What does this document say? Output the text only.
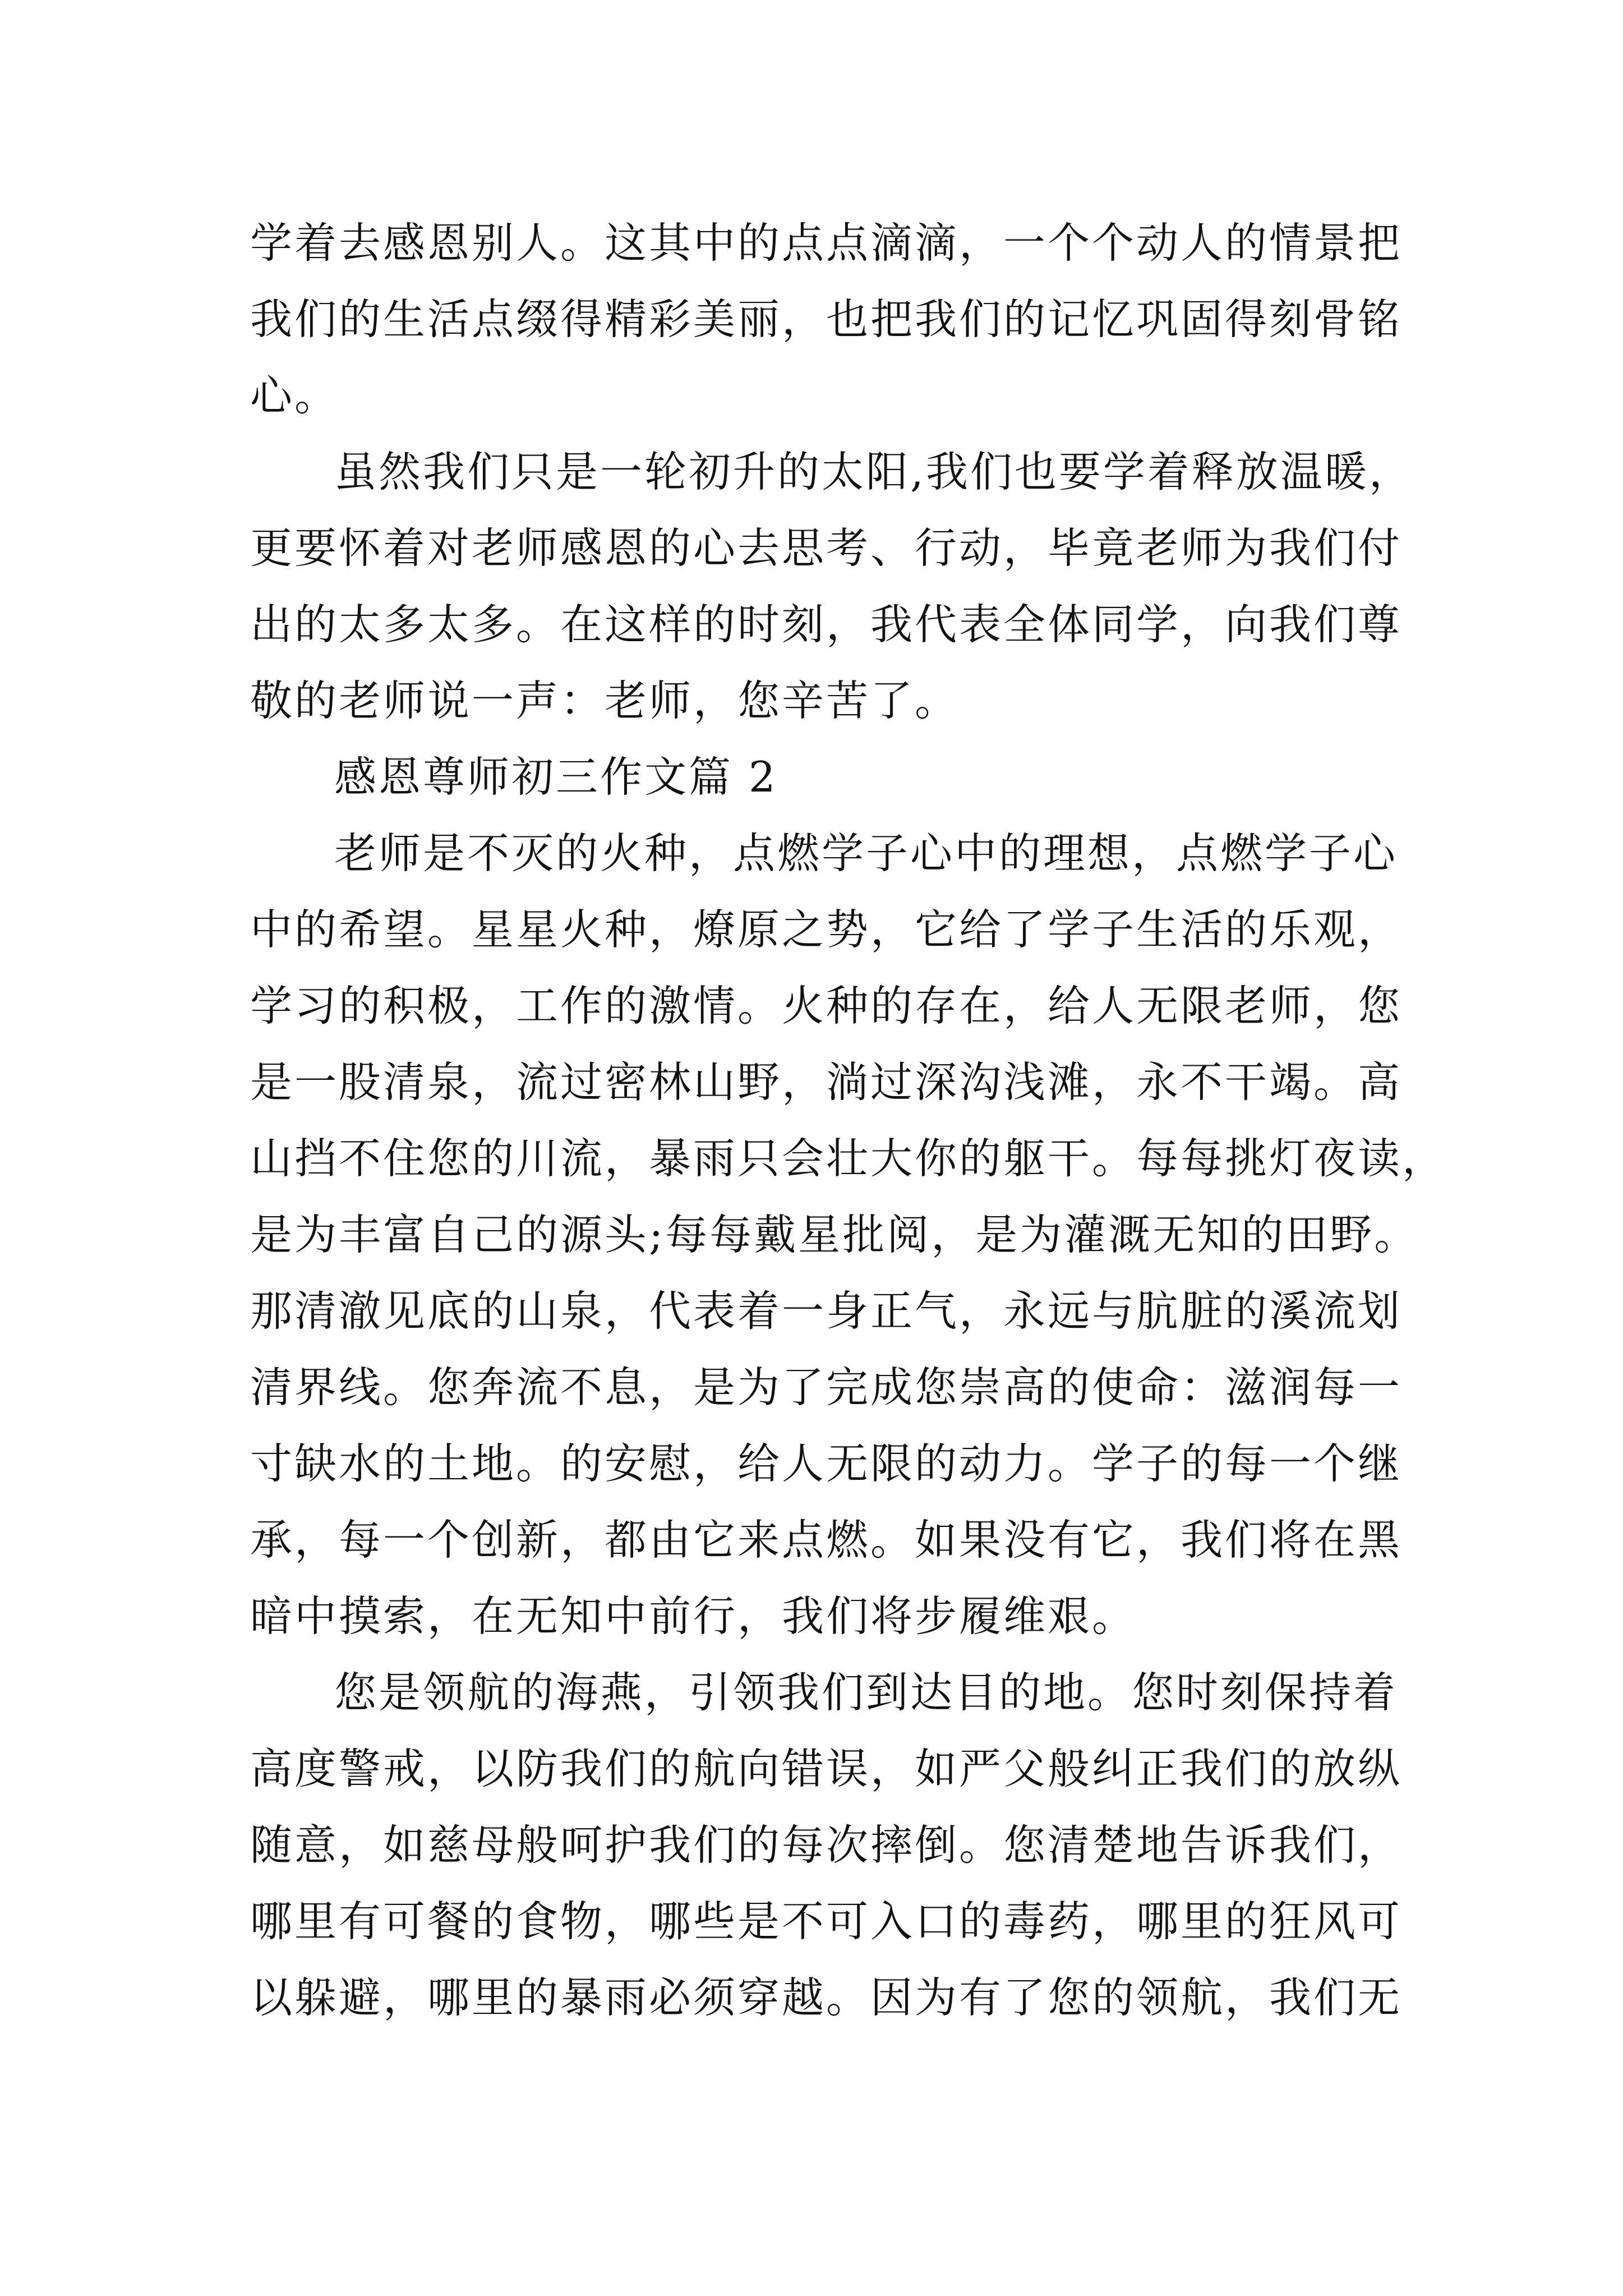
学着去感恩别人。这其中的点点滴滴，一个个动人的情景把
我们的生活点缀得精彩美丽，也把我们的记忆巩固得刻骨铭
心。
虽然我们只是一轮初升的太阳,我们也要学着释放温暖，
更要怀着对老师感恩的心去思考、行动，毕竟老师为我们付
出的太多太多。在这样的时刻，我代表全体同学，向我们尊
敬的老师说一声：老师，您辛苦了。
感恩尊师初三作文篇 2
老师是不灭的火种，点燃学子心中的理想，点燃学子心
中的希望。星星火种，燎原之势，它给了学子生活的乐观，
学习的积极，工作的激情。火种的存在，给人无限老师，您
是一股清泉，流过密林山野，淌过深沟浅滩，永不干竭。高
山挡不住您的川流，暴雨只会壮大你的躯干。每每挑灯夜读，
是为丰富自己的源头;每每戴星批阅，是为灌溉无知的田野。
那清澈见底的山泉，代表着一身正气，永远与肮脏的溪流划
清界线。您奔流不息，是为了完成您崇高的使命：滋润每一
寸缺水的土地。的安慰，给人无限的动力。学子的每一个继
承，每一个创新，都由它来点燃。如果没有它，我们将在黑
暗中摸索，在无知中前行，我们将步履维艰。
您是领航的海燕，引领我们到达目的地。您时刻保持着
高度警戒，以防我们的航向错误，如严父般纠正我们的放纵
随意，如慈母般呵护我们的每次摔倒。您清楚地告诉我们，
哪里有可餐的食物，哪些是不可入口的毒药，哪里的狂风可
以躲避，哪里的暴雨必须穿越。因为有了您的领航，我们无
